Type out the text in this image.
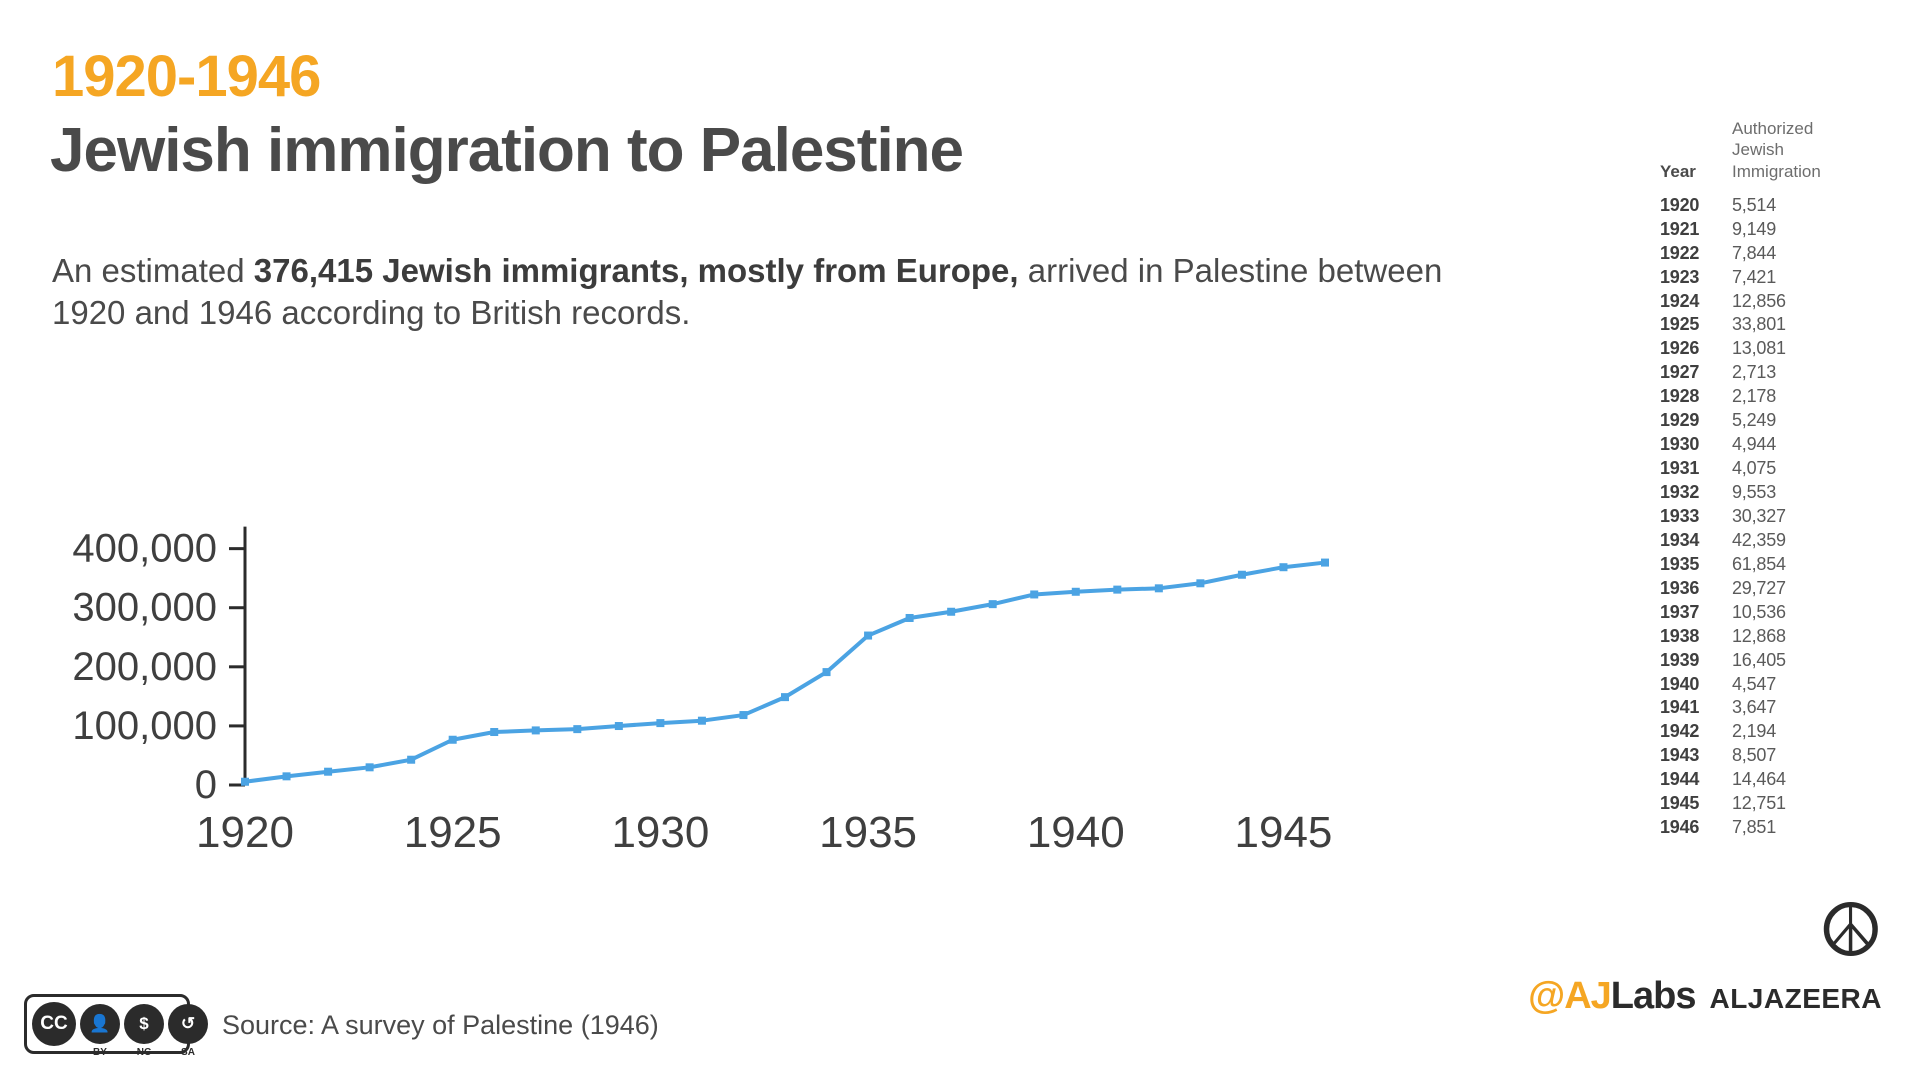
1920-1946
Jewish immigration to Palestine
An estimated 376,415 Jewish immigrants, mostly from Europe, arrived in Palestine between 1920 and 1946 according to British records.
0
100,000
200,000
300,000
400,000
1920 1925 1930 1935 1940 1945
Year
Authorized
Jewish
Immigration
1920	5,514
1921	9,149
1922	7,844
1923	7,421
1924	12,856
1925	33,801
1926	13,081
1927	2,713
1928	2,178
1929	5,249
1930	4,944
1931	4,075
1932	9,553
1933	30,327
1934	42,359
1935	61,854
1936	29,727
1937	10,536
1938	12,868
1939	16,405
1940	4,547
1941	3,647
1942	2,194
1943	8,507
1944	14,464
1945	12,751
1946	7,851
CC 👤
BY
$
NC
↺
SA
Source: A survey of Palestine (1946)
☮
@AJLabs ALJAZEERA
